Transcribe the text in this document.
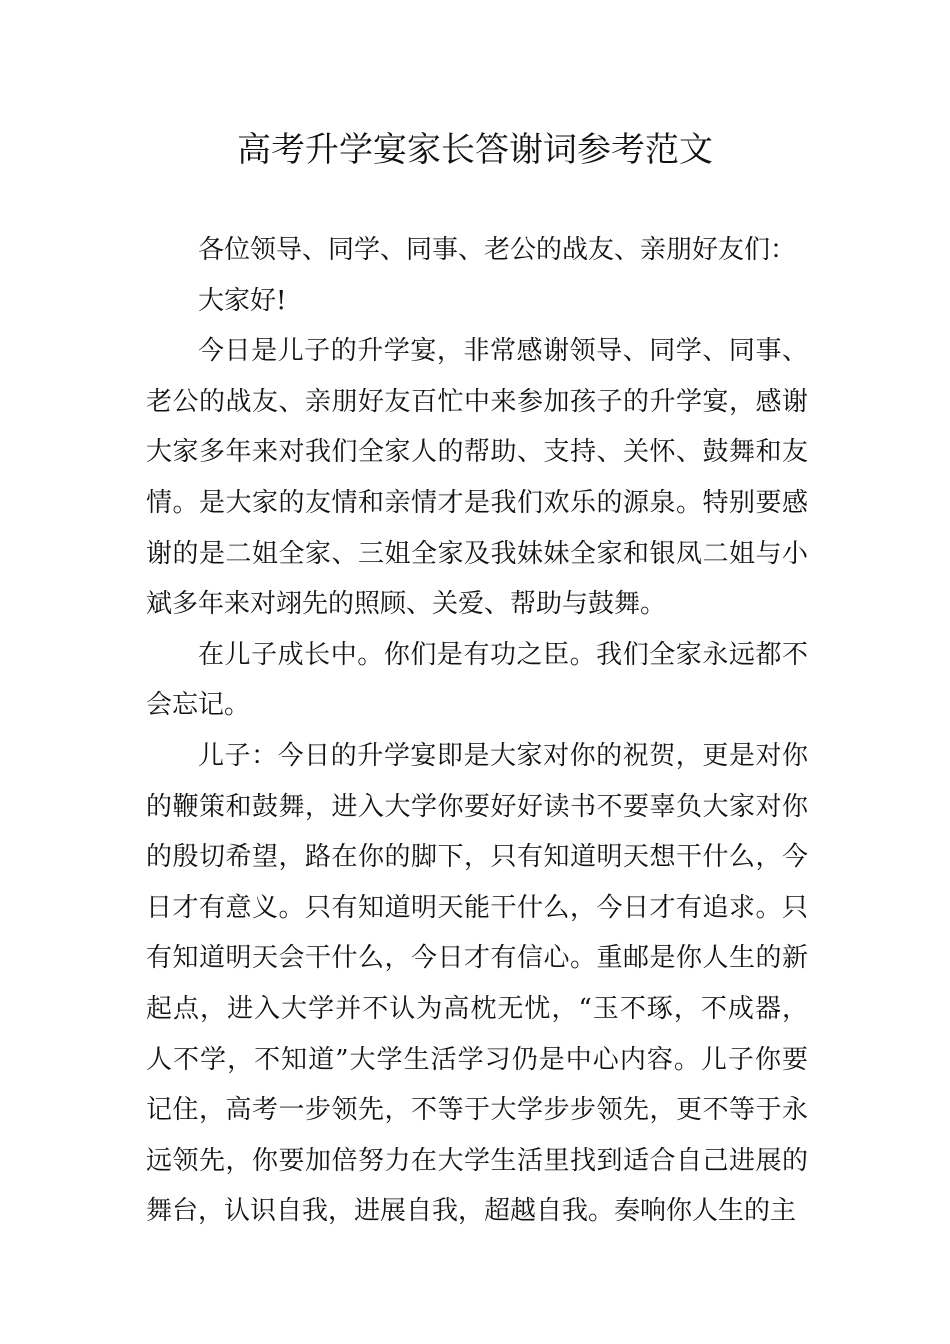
高考升学宴家长答谢词参考范文

各位领导、同学、同事、老公的战友、亲朋好友们：

大家好!

今日是儿子的升学宴，非常感谢领导、同学、同事、老公的战友、亲朋好友百忙中来参加孩子的升学宴，感谢大家多年来对我们全家人的帮助、支持、关怀、鼓舞和友情。是大家的友情和亲情才是我们欢乐的源泉。特别要感谢的是二姐全家、三姐全家及我妹妹全家和银凤二姐与小斌多年来对翊先的照顾、关爱、帮助与鼓舞。

在儿子成长中。你们是有功之臣。我们全家永远都不会忘记。

儿子：今日的升学宴即是大家对你的祝贺，更是对你的鞭策和鼓舞，进入大学你要好好读书不要辜负大家对你的殷切希望，路在你的脚下，只有知道明天想干什么，今日才有意义。只有知道明天能干什么，今日才有追求。只有知道明天会干什么，今日才有信心。重邮是你人生的新起点，进入大学并不认为高枕无忧，“玉不琢，不成器，人不学，不知道”大学生活学习仍是中心内容。儿子你要记住，高考一步领先，不等于大学步步领先，更不等于永远领先，你要加倍努力在大学生活里找到适合自己进展的舞台，认识自我，进展自我，超越自我。奏响你人生的主
